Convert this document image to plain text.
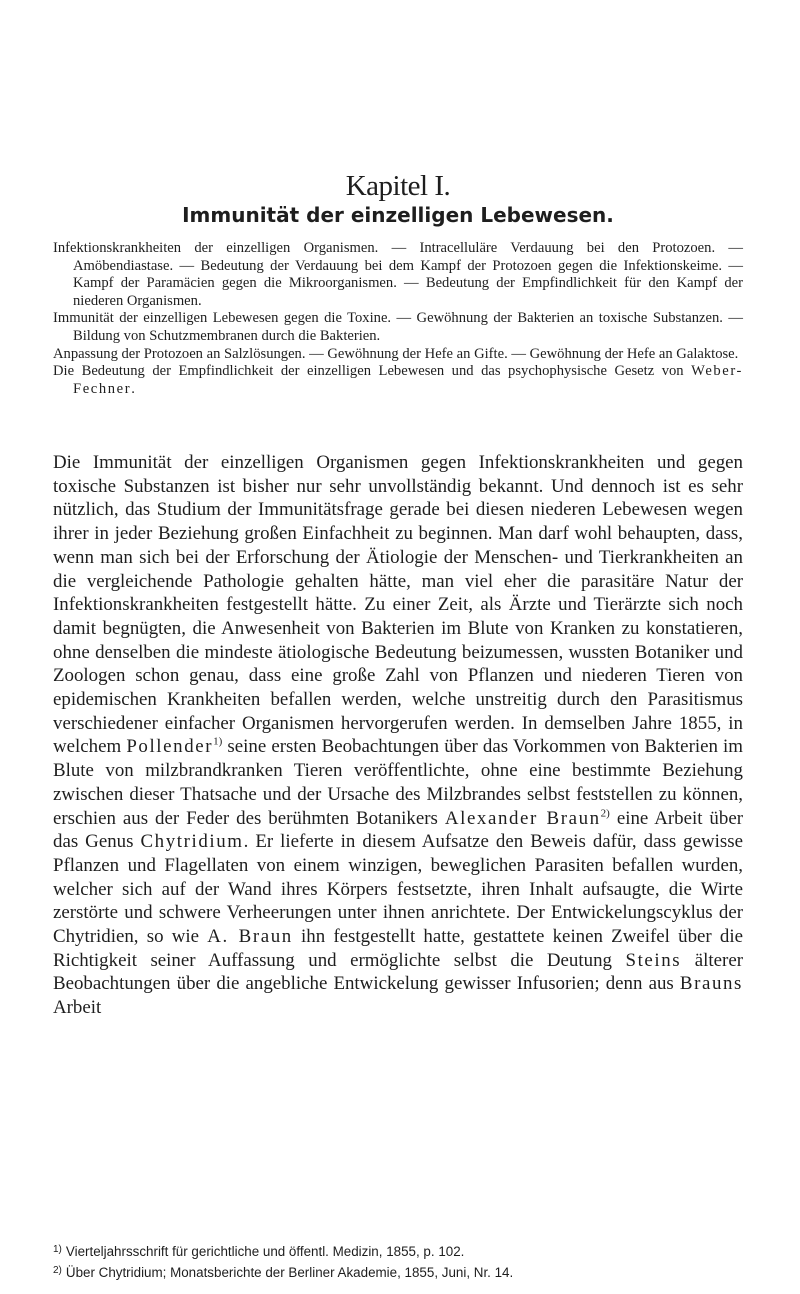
Kapitel I.
Immunität der einzelligen Lebewesen.

Infektionskrankheiten der einzelligen Organismen. — Intracelluläre Verdauung bei den Protozoen. — Amöbendiastase. — Bedeutung der Verdauung bei dem Kampf der Protozoen gegen die Infektionskeime. — Kampf der Paramäcien gegen die Mikroorganismen. — Bedeutung der Empfindlichkeit für den Kampf der niederen Organismen.

Immunität der einzelligen Lebewesen gegen die Toxine. — Gewöhnung der Bakterien an toxische Substanzen. — Bildung von Schutzmembranen durch die Bakterien.

Anpassung der Protozoen an Salzlösungen. — Gewöhnung der Hefe an Gifte. — Gewöhnung der Hefe an Galaktose.

Die Bedeutung der Empfindlichkeit der einzelligen Lebewesen und das psychophysische Gesetz von Weber-Fechner.

Die Immunität der einzelligen Organismen gegen Infektionskrankheiten und gegen toxische Substanzen ist bisher nur sehr unvollständig bekannt. Und dennoch ist es sehr nützlich, das Studium der Immunitätsfrage gerade bei diesen niederen Lebewesen wegen ihrer in jeder Beziehung großen Einfachheit zu beginnen. Man darf wohl behaupten, dass, wenn man sich bei der Erforschung der Ätiologie der Menschen- und Tierkrankheiten an die vergleichende Pathologie gehalten hätte, man viel eher die parasitäre Natur der Infektionskrankheiten festgestellt hätte. Zu einer Zeit, als Ärzte und Tierärzte sich noch damit begnügten, die Anwesenheit von Bakterien im Blute von Kranken zu konstatieren, ohne denselben die mindeste ätiologische Bedeutung beizumessen, wussten Botaniker und Zoologen schon genau, dass eine große Zahl von Pflanzen und niederen Tieren von epidemischen Krankheiten befallen werden, welche unstreitig durch den Parasitismus verschiedener einfacher Organismen hervorgerufen werden. In demselben Jahre 1855, in welchem Pollender$^{1)}$ seine ersten Beobachtungen über das Vorkommen von Bakterien im Blute von milzbrandkranken Tieren veröffentlichte, ohne eine bestimmte Beziehung zwischen dieser Thatsache und der Ursache des Milzbrandes selbst feststellen zu können, erschien aus der Feder des berühmten Botanikers Alexander Braun$^{2)}$ eine Arbeit über das Genus Chytridium. Er lieferte in diesem Aufsatze den Beweis dafür, dass gewisse Pflanzen und Flagellaten von einem winzigen, beweglichen Parasiten befallen wurden, welcher sich auf der Wand ihres Körpers festsetzte, ihren Inhalt aufsaugte, die Wirte zerstörte und schwere Verheerungen unter ihnen anrichtete. Der Entwickelungscyklus der Chytridien, so wie A. Braun ihn festgestellt hatte, gestattete keinen Zweifel über die Richtigkeit seiner Auffassung und ermöglichte selbst die Deutung Steins älterer Beobachtungen über die angebliche Entwickelung gewisser Infusorien; denn aus Brauns Arbeit

$^{1)}$ Vierteljahrsschrift für gerichtliche und öffentl. Medizin, 1855, p. 102.

$^{2)}$ Über Chytridium; Monatsberichte der Berliner Akademie, 1855, Juni, Nr. 14.
